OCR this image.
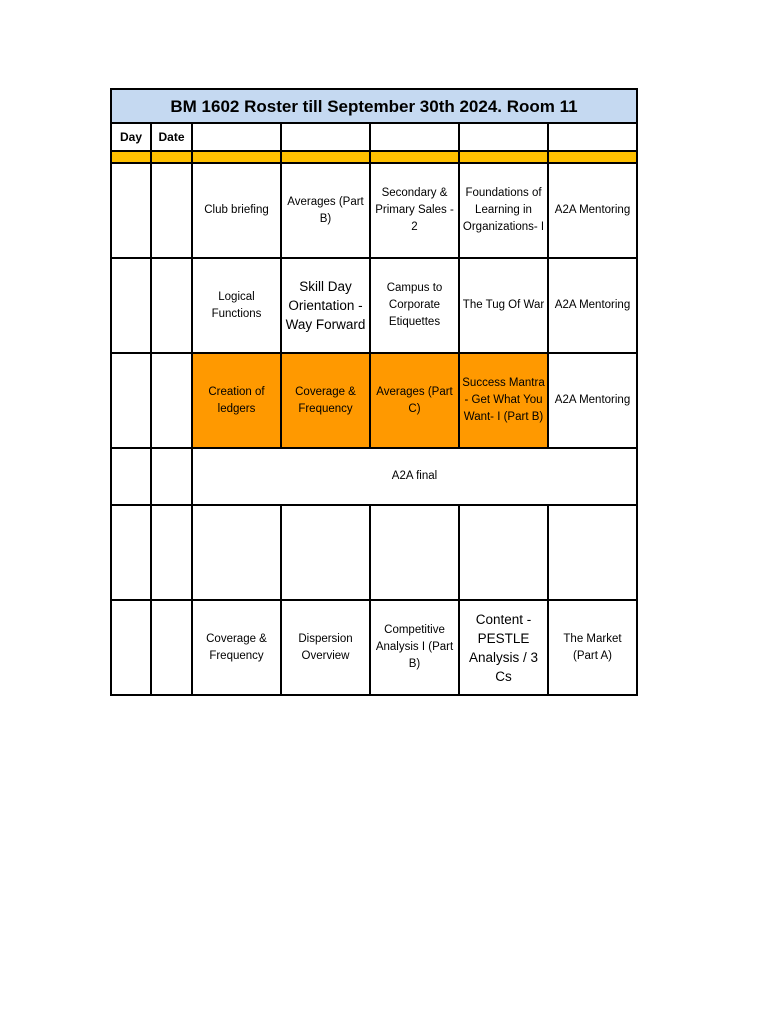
BM 1602 Roster till September 30th 2024. Room 11						
Day	Date					

		Club briefing	Averages (Part B)	Secondary & Primary Sales - 2	Foundations of Learning in Organizations- I	A2A Mentoring
		Logical Functions	Skill Day Orientation - Way Forward	Campus to Corporate Etiquettes	The Tug Of War	A2A Mentoring
		Creation of ledgers	Coverage & Frequency	Averages (Part C)	Success Mantra - Get What You Want- I (Part B)	A2A Mentoring
		A2A final				

		Coverage & Frequency	Dispersion Overview	Competitive Analysis I (Part B)	Content - PESTLE Analysis / 3 Cs	The Market (Part A)
